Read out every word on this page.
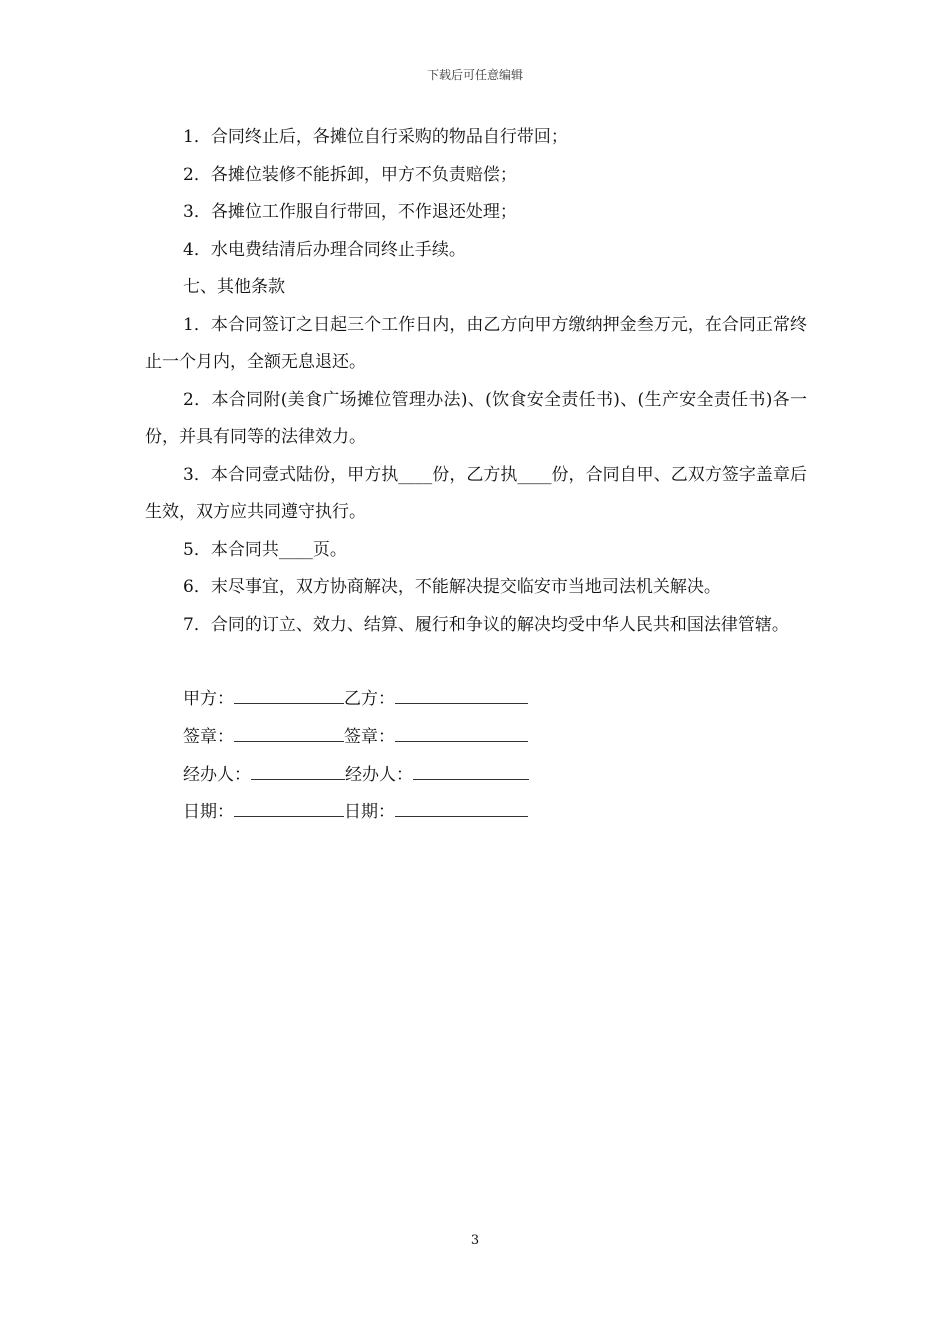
下载后可任意编辑

1．合同终止后，各摊位自行采购的物品自行带回；

2．各摊位装修不能拆卸，甲方不负责赔偿；

3．各摊位工作服自行带回，不作退还处理；

4．水电费结清后办理合同终止手续。

七、其他条款

1．本合同签订之日起三个工作日内，由乙方向甲方缴纳押金叁万元，在合同正常终止一个月内，全额无息退还。

2．本合同附(美食广场摊位管理办法)、(饮食安全责任书)、(生产安全责任书)各一份，并具有同等的法律效力。

3．本合同壹式陆份，甲方执____份，乙方执____份，合同自甲、乙双方签字盖章后生效，双方应共同遵守执行。

5．本合同共____页。

6．末尽事宜，双方协商解决，不能解决提交临安市当地司法机关解决。

7．合同的订立、效力、结算、履行和争议的解决均受中华人民共和国法律管辖。

甲方：	乙方：
签章：	签章：
经办人：	经办人：
日期：	日期：
3
